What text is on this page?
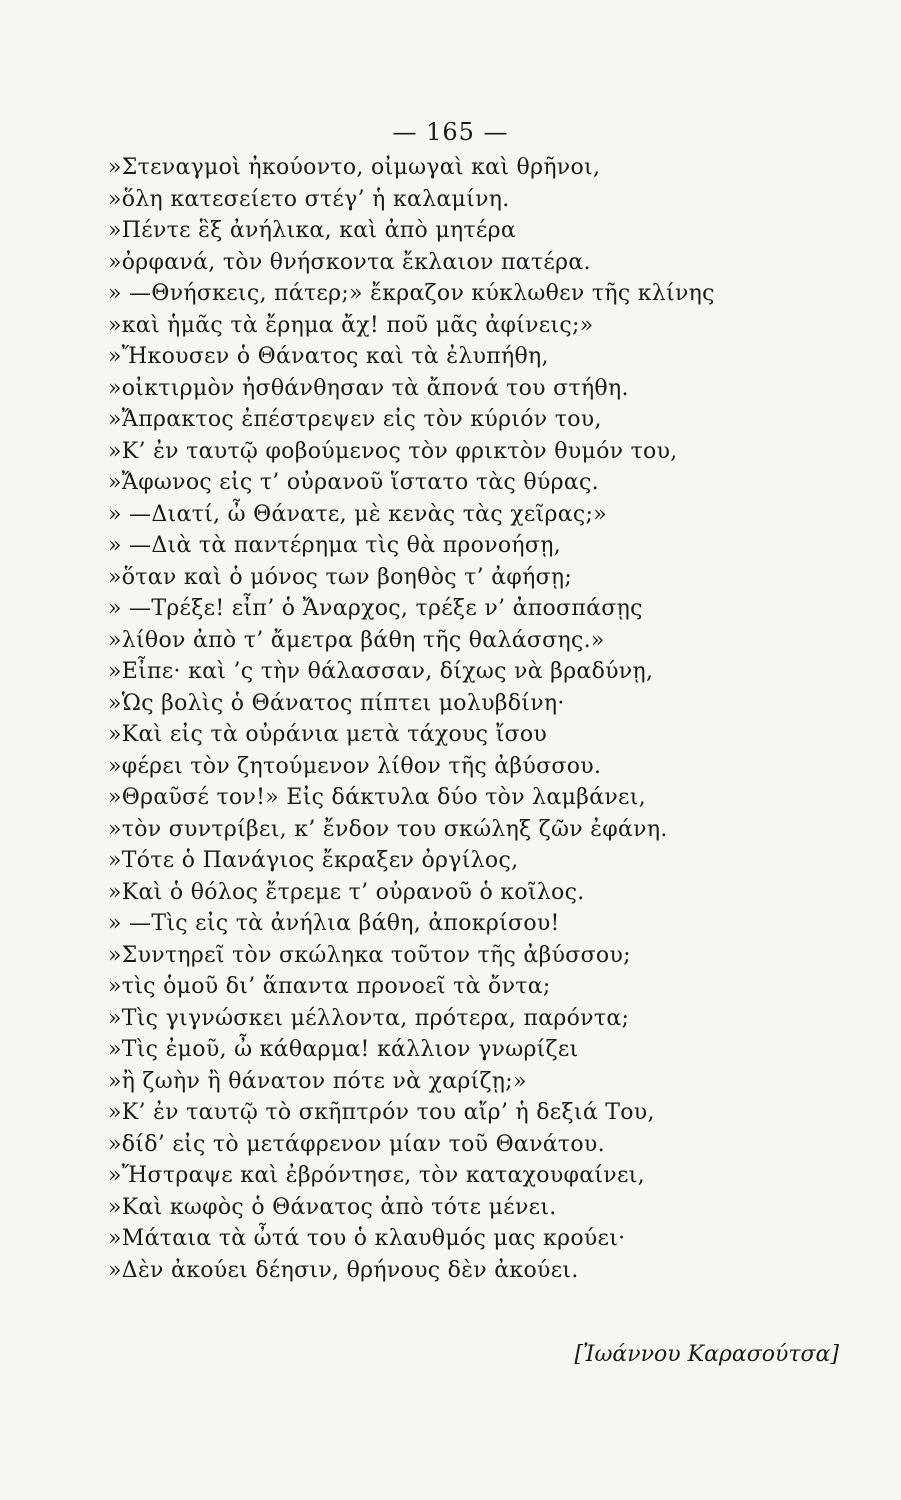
— 165 —
»Στεναγμοὶ ἠκούοντο, οἰμωγαὶ καὶ θρῆνοι,
»ὅλη κατεσείετο στέγ’ ἡ καλαμίνη.
»Πέντε ἓξ ἀνήλικα, καὶ ἀπὸ μητέρα
»ὀρφανά, τὸν θνήσκοντα ἔκλαιον πατέρα.
» —Θνήσκεις, πάτερ;» ἔκραζον κύκλωθεν τῆς κλίνης
»καὶ ἡμᾶς τὰ ἔρημα ἄχ! ποῦ μᾶς ἀφίνεις;»
»Ἤκουσεν ὁ Θάνατος καὶ τὰ ἐλυπήθη,
»οἰκτιρμὸν ἠσθάνθησαν τὰ ἄπονά του στήθη.
»Ἄπρακτος ἐπέστρεψεν εἰς τὸν κύριόν του,
»Κ’ ἐν ταυτῷ φοβούμενος τὸν φρικτὸν θυμόν του,
»Ἄφωνος εἰς τ’ οὐρανοῦ ἵστατο τὰς θύρας.
» —Διατί, ὦ Θάνατε, μὲ κενὰς τὰς χεῖρας;»
» —Διὰ τὰ παντέρημα τὶς θὰ προνοήσῃ,
»ὅταν καὶ ὁ μόνος των βοηθὸς τ’ ἀφήσῃ;
» —Τρέξε! εἶπ’ ὁ Ἄναρχος, τρέξε ν’ ἀποσπάσῃς
»λίθον ἀπὸ τ’ ἄμετρα βάθη τῆς θαλάσσης.»
»Εἶπε· καὶ ’ς τὴν θάλασσαν, δίχως νὰ βραδύνῃ,
»Ὡς βολὶς ὁ Θάνατος πίπτει μολυβδίνη·
»Καὶ εἰς τὰ οὐράνια μετὰ τάχους ἴσου
»φέρει τὸν ζητούμενον λίθον τῆς ἀβύσσου.
»Θραῦσέ τον!» Εἰς δάκτυλα δύο τὸν λαμβάνει,
»τὸν συντρίβει, κ’ ἔνδον του σκώληξ ζῶν ἐφάνη.
»Τότε ὁ Πανάγιος ἔκραξεν ὀργίλος,
»Καὶ ὁ θόλος ἔτρεμε τ’ οὐρανοῦ ὁ κοῖλος.
» —Τὶς εἰς τὰ ἀνήλια βάθη, ἀποκρίσου!
»Συντηρεῖ τὸν σκώληκα τοῦτον τῆς ἀβύσσου;
»τὶς ὁμοῦ δι’ ἅπαντα προνοεῖ τὰ ὄντα;
»Τὶς γιγνώσκει μέλλοντα, πρότερα, παρόντα;
»Τὶς ἐμοῦ, ὦ κάθαρμα! κάλλιον γνωρίζει
»ἢ ζωὴν ἢ θάνατον πότε νὰ χαρίζῃ;»
»Κ’ ἐν ταυτῷ τὸ σκῆπτρόν του αἴρ’ ἡ δεξιά Του,
»δίδ’ εἰς τὸ μετάφρενον μίαν τοῦ Θανάτου.
»Ἤστραψε καὶ ἐβρόντησε, τὸν καταχουφαίνει,
»Καὶ κωφὸς ὁ Θάνατος ἀπὸ τότε μένει.
»Μάταια τὰ ὦτά του ὁ κλαυθμός μας κρούει·
»Δὲν ἀκούει δέησιν, θρήνους δὲν ἀκούει.
[Ἰωάννου Καρασούτσα]
